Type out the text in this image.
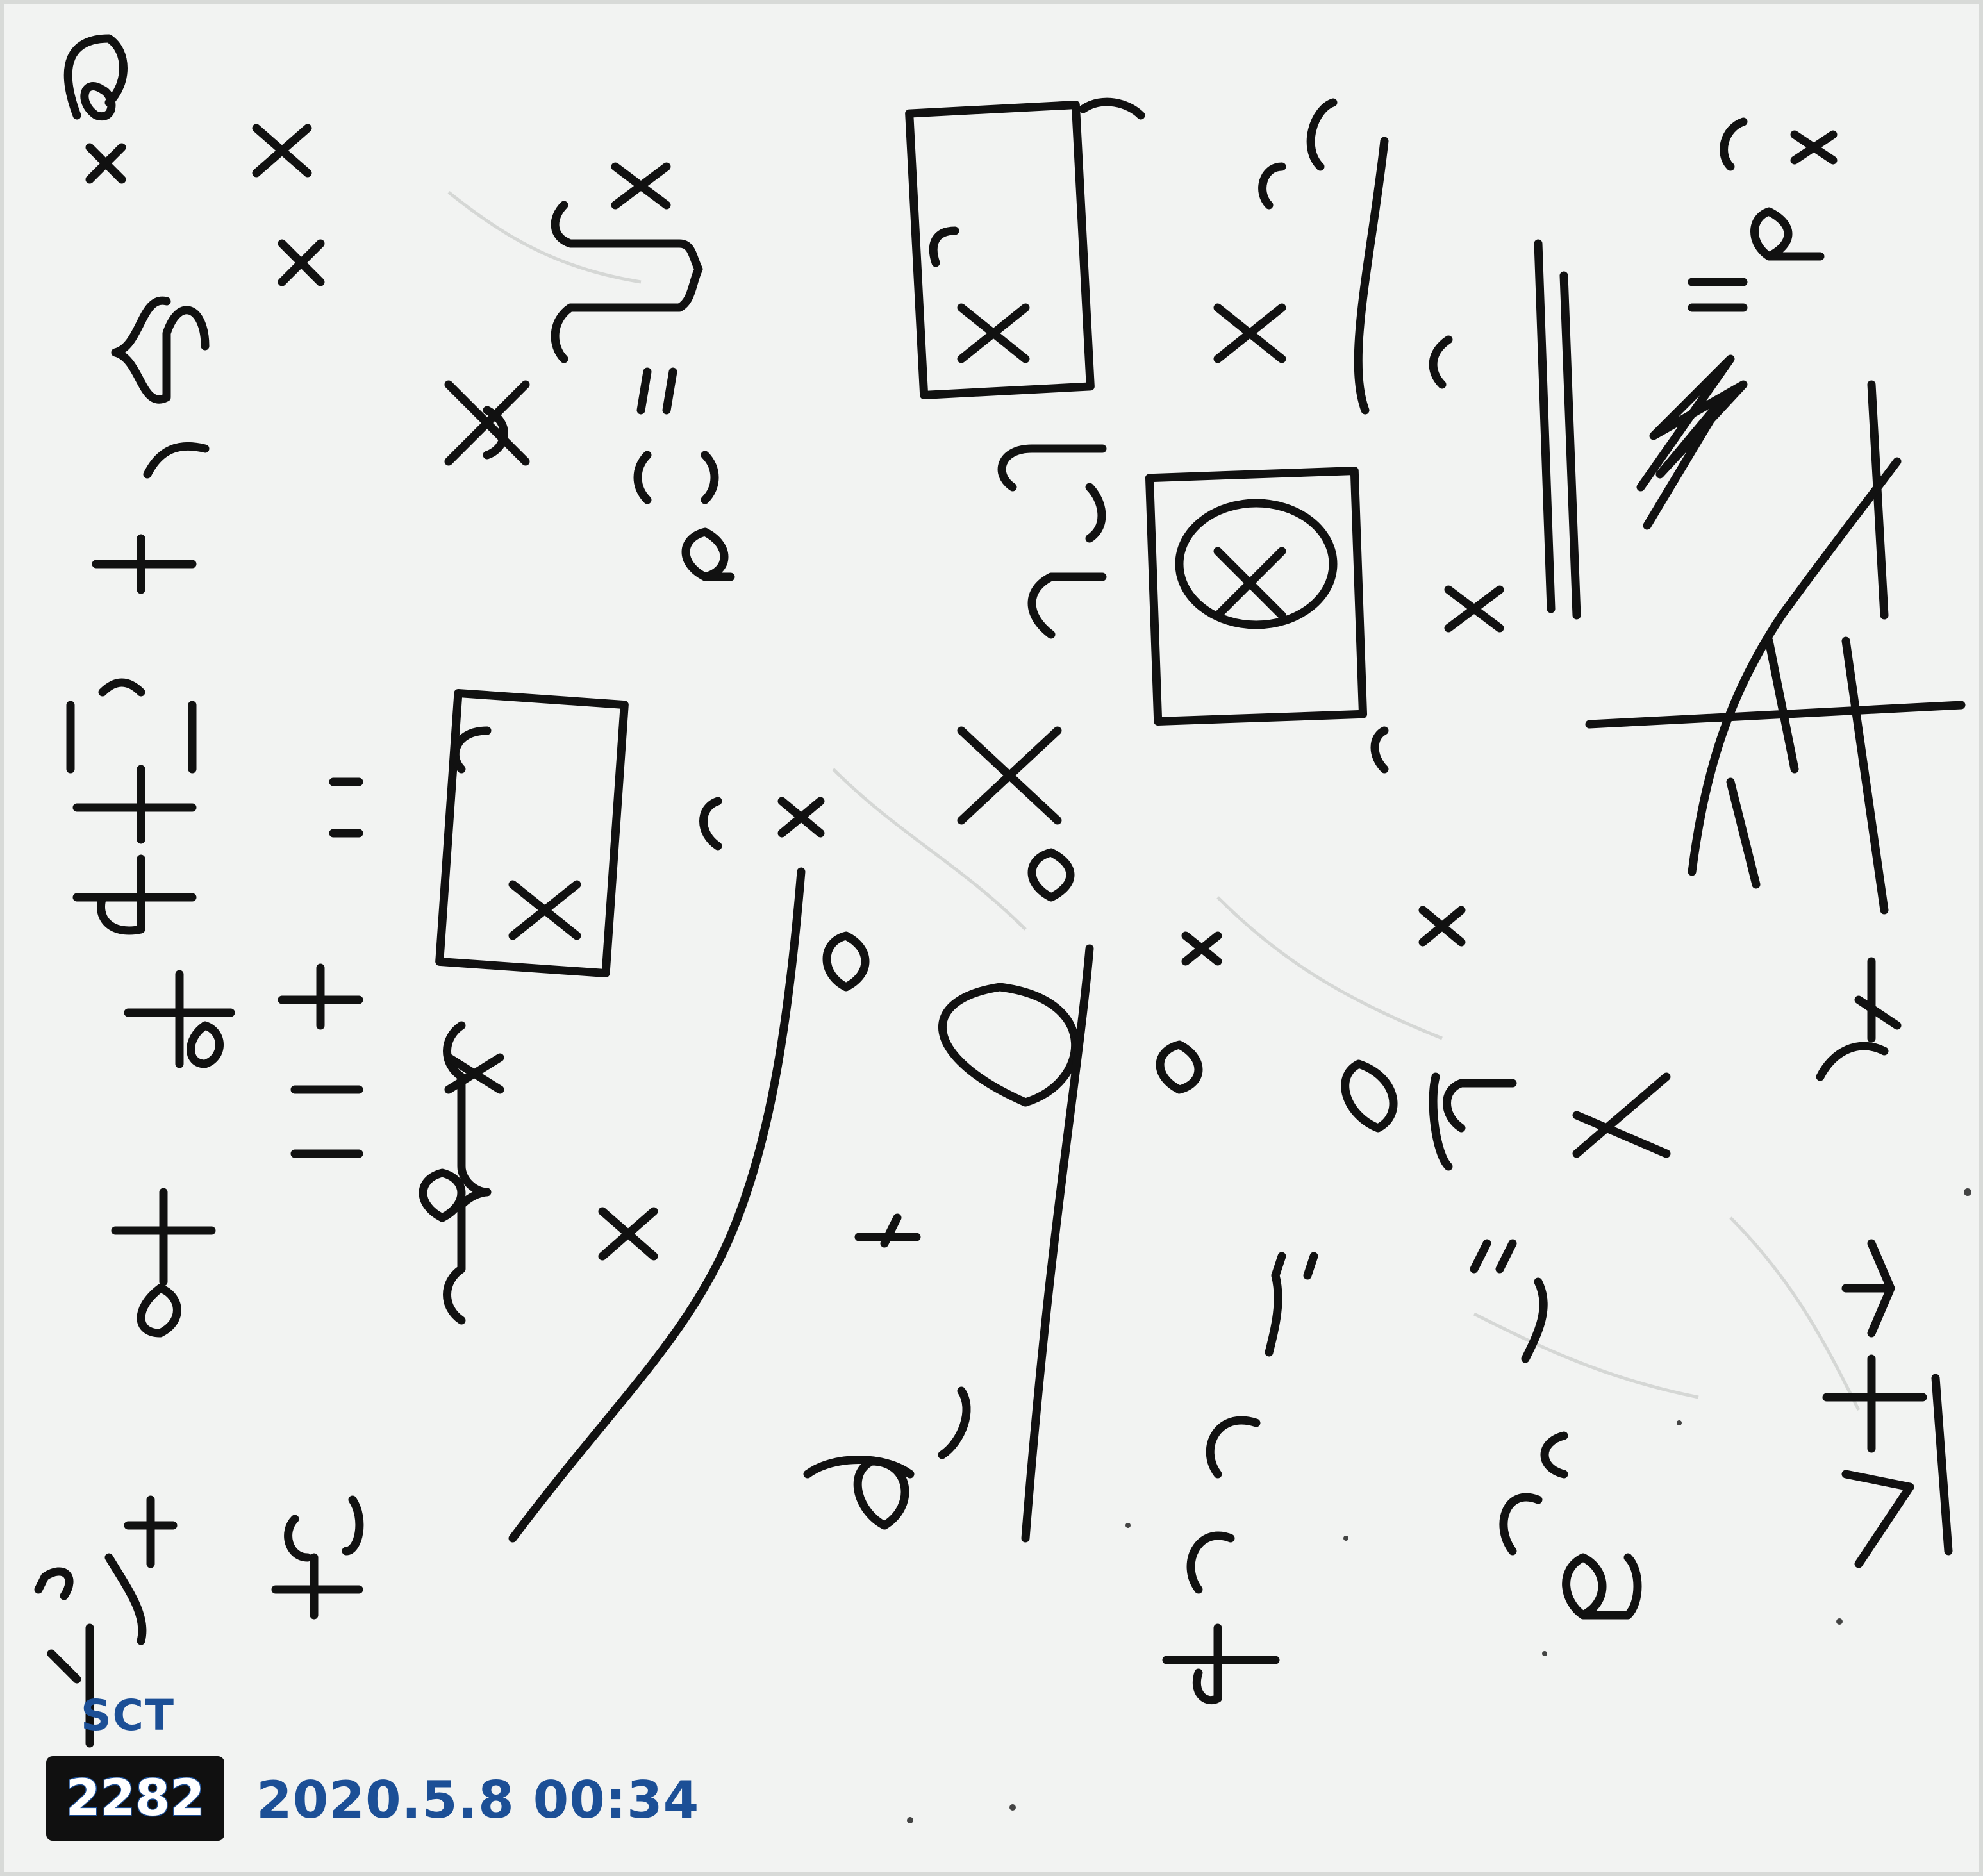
SCT
2282	2020.5.8 00:34
